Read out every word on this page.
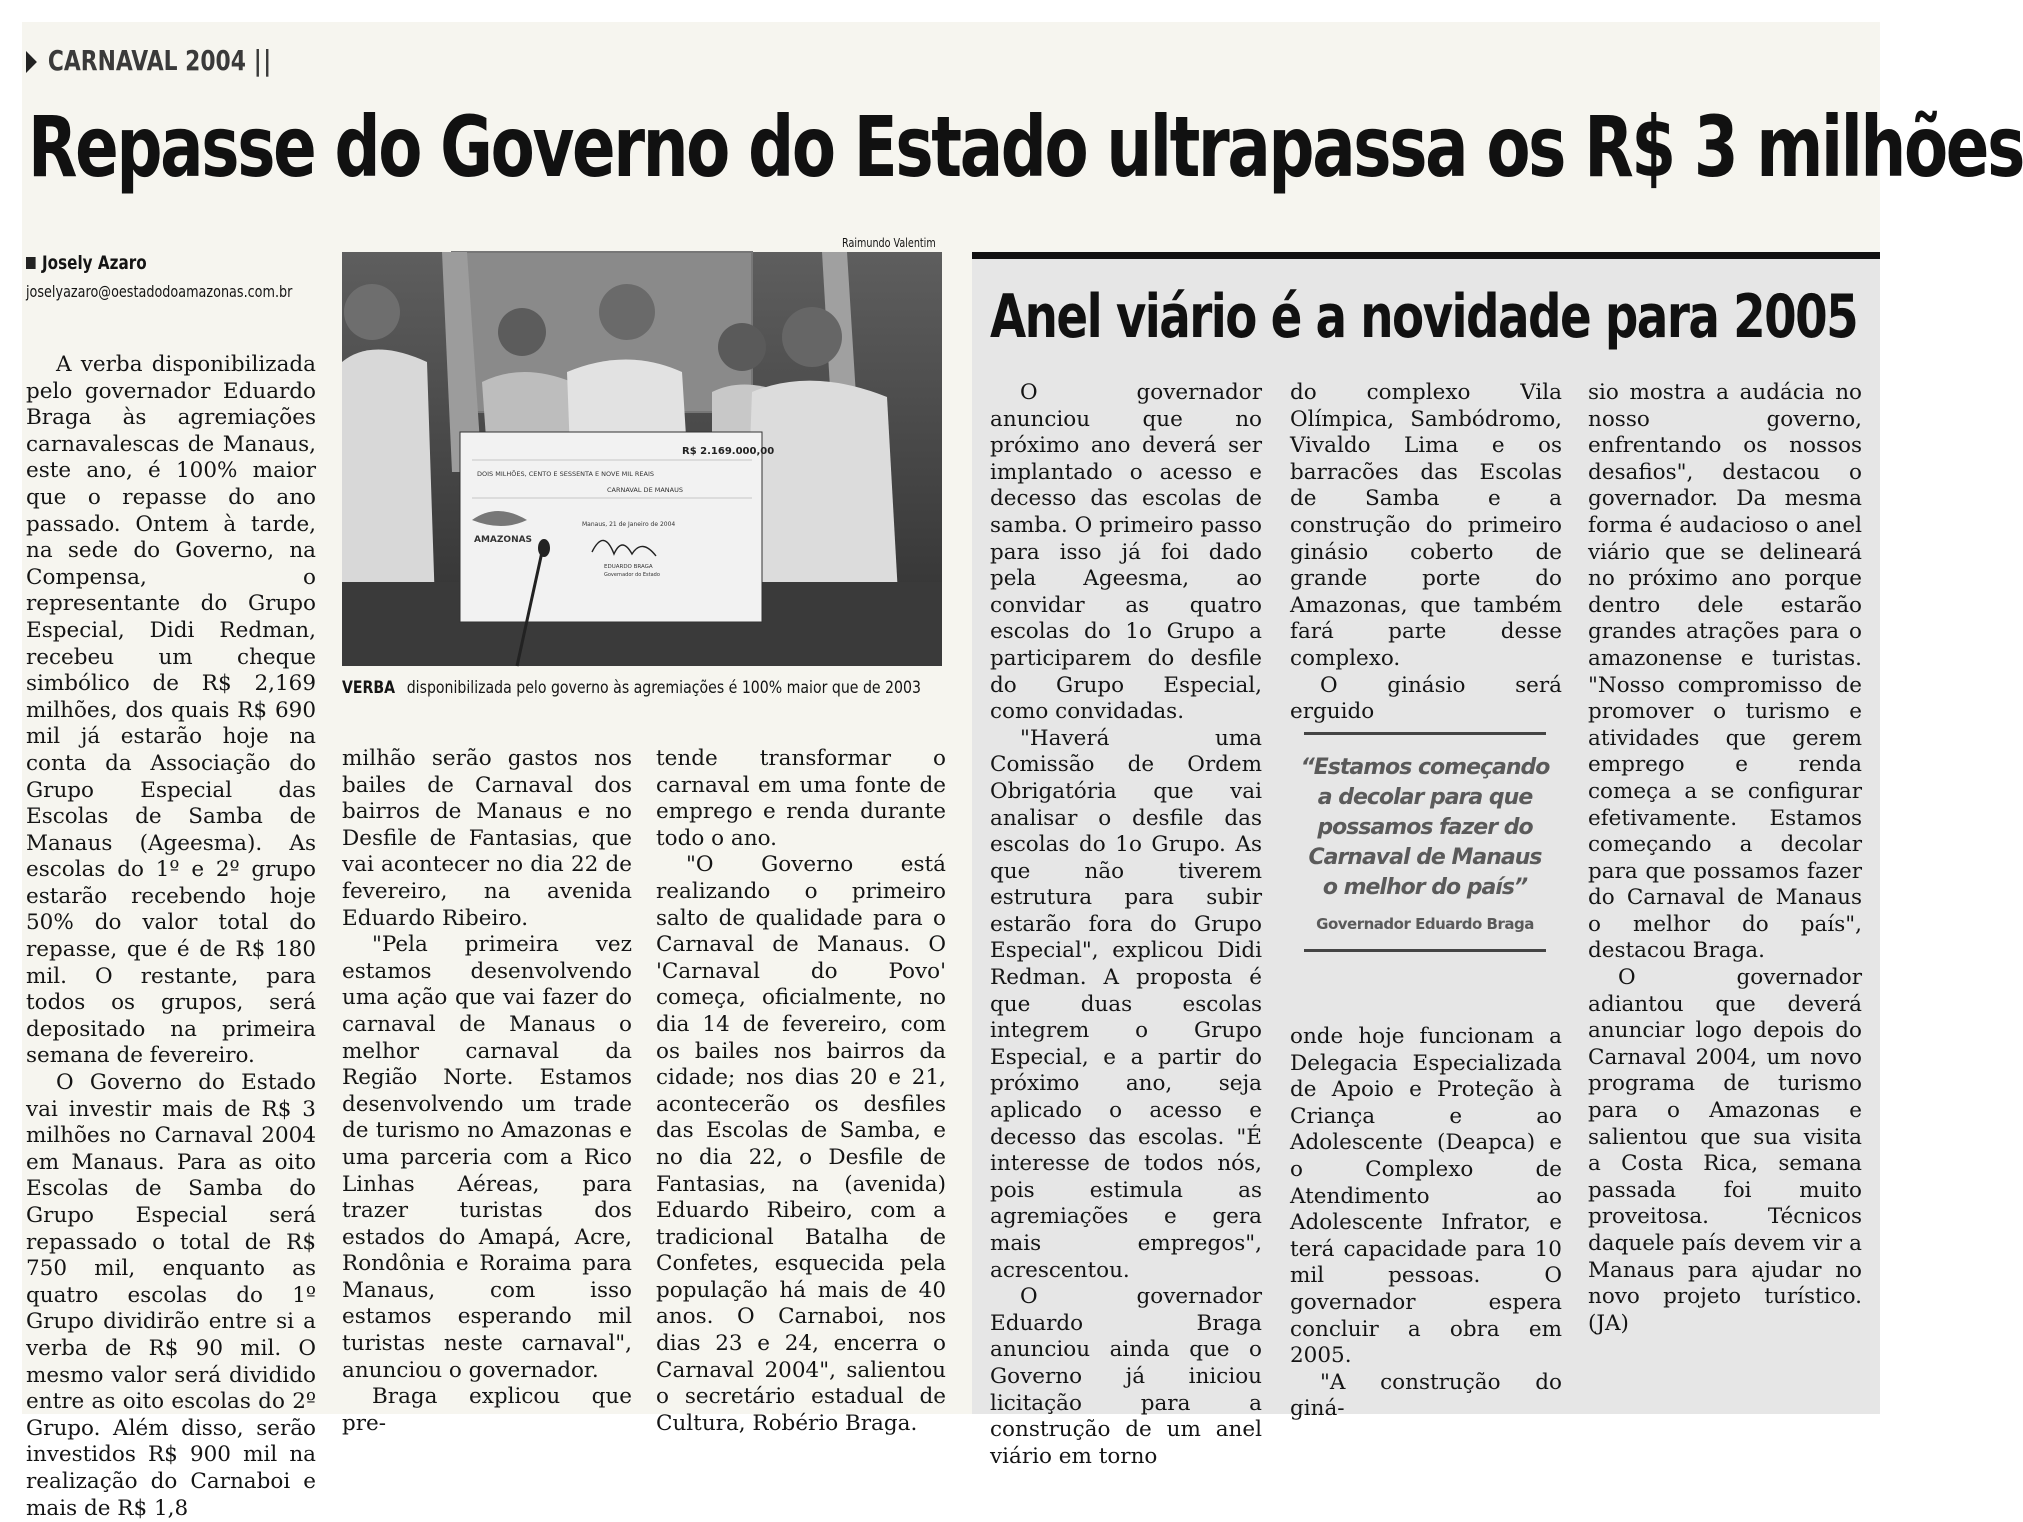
CARNAVAL 2004 ||
Repasse do Governo do Estado ultrapassa os R$ 3 milhões
Josely Azaro
joselyazaro@oestadodoamazonas.com.br

A verba disponibilizada pelo governador Eduardo Braga às agremiações carnavalescas de Manaus, este ano, é 100% maior que o repasse do ano passado. Ontem à tarde, na sede do Governo, na Compensa, o representante do Grupo Especial, Didi Redman, recebeu um cheque simbólico de R$ 2,169 milhões, dos quais R$ 690 mil já estarão hoje na conta da Associação do Grupo Especial das Escolas de Samba de Manaus (Ageesma). As escolas do 1º e 2º grupo estarão recebendo hoje 50% do valor total do repasse, que é de R$ 180 mil. O restante, para todos os grupos, será depositado na primeira semana de fevereiro.

O Governo do Estado vai investir mais de R$ 3 milhões no Carnaval 2004 em Manaus. Para as oito Escolas de Samba do Grupo Especial será repassado o total de R$ 750 mil, enquanto as quatro escolas do 1º Grupo dividirão entre si a verba de R$ 90 mil. O mesmo valor será dividido entre as oito escolas do 2º Grupo. Além disso, serão investidos R$ 900 mil na realização do Carnaboi e mais de R$ 1,8

Raimundo Valentim
R$ 2.169.000,00
DOIS MILHÕES, CENTO E SESSENTA E NOVE MIL REAIS
CARNAVAL DE MANAUS
Manaus, 21 de Janeiro de 2004
EDUARDO BRAGA
Governador do Estado
AMAZONAS
VERBA disponibilizada pelo governo às agremiações é 100% maior que de 2003

milhão serão gastos nos bailes de Carnaval dos bairros de Manaus e no Desfile de Fantasias, que vai acontecer no dia 22 de fevereiro, na avenida Eduardo Ribeiro.

"Pela primeira vez estamos desenvolvendo uma ação que vai fazer do carnaval de Manaus o melhor carnaval da Região Norte. Estamos desenvolvendo um trade de turismo no Amazonas e uma parceria com a Rico Linhas Aéreas, para trazer turistas dos estados do Amapá, Acre, Rondônia e Roraima para Manaus, com isso estamos esperando mil turistas neste carnaval", anunciou o governador.

Braga explicou que pre-

tende transformar o carnaval em uma fonte de emprego e renda durante todo o ano.

"O Governo está realizando o primeiro salto de qualidade para o Carnaval de Manaus. O 'Carnaval do Povo' começa, oficialmente, no dia 14 de fevereiro, com os bailes nos bairros da cidade; nos dias 20 e 21, acontecerão os desfiles das Escolas de Samba, e no dia 22, o Desfile de Fantasias, na (avenida) Eduardo Ribeiro, com a tradicional Batalha de Confetes, esquecida pela população há mais de 40 anos. O Carnaboi, nos dias 23 e 24, encerra o Carnaval 2004", salientou o secretário estadual de Cultura, Robério Braga.

Anel viário é a novidade para 2005

O governador anunciou que no próximo ano deverá ser implantado o acesso e decesso das escolas de samba. O primeiro passo para isso já foi dado pela Ageesma, ao convidar as quatro escolas do 1o Grupo a participarem do desfile do Grupo Especial, como convidadas.

"Haverá uma Comissão de Ordem Obrigatória que vai analisar o desfile das escolas do 1o Grupo. As que não tiverem estrutura para subir estarão fora do Grupo Especial", explicou Didi Redman. A proposta é que duas escolas integrem o Grupo Especial, e a partir do próximo ano, seja aplicado o acesso e decesso das escolas. "É interesse de todos nós, pois estimula as agremiações e gera mais empregos", acrescentou.

O governador Eduardo Braga anunciou ainda que o Governo já iniciou licitação para a construção de um anel viário em torno

do complexo Vila Olímpica, Sambódromo, Vivaldo Lima e os barracões das Escolas de Samba e a construção do primeiro ginásio coberto de grande porte do Amazonas, que também fará parte desse complexo.

O ginásio será erguido

“Estamos começando a decolar para que possamos fazer do Carnaval de Manaus o melhor do país”
Governador Eduardo Braga

onde hoje funcionam a Delegacia Especializada de Apoio e Proteção à Criança e ao Adolescente (Deapca) e o Complexo de Atendimento ao Adolescente Infrator, e terá capacidade para 10 mil pessoas. O governador espera concluir a obra em 2005.

"A construção do giná-

sio mostra a audácia no nosso governo, enfrentando os nossos desafios", destacou o governador. Da mesma forma é audacioso o anel viário que se delineará no próximo ano porque dentro dele estarão grandes atrações para o amazonense e turistas. "Nosso compromisso de promover o turismo e atividades que gerem emprego e renda começa a se configurar efetivamente. Estamos começando a decolar para que possamos fazer do Carnaval de Manaus o melhor do país", destacou Braga.

O governador adiantou que deverá anunciar logo depois do Carnaval 2004, um novo programa de turismo para o Amazonas e salientou que sua visita a Costa Rica, semana passada foi muito proveitosa. Técnicos daquele país devem vir a Manaus para ajudar no novo projeto turístico. (JA)
